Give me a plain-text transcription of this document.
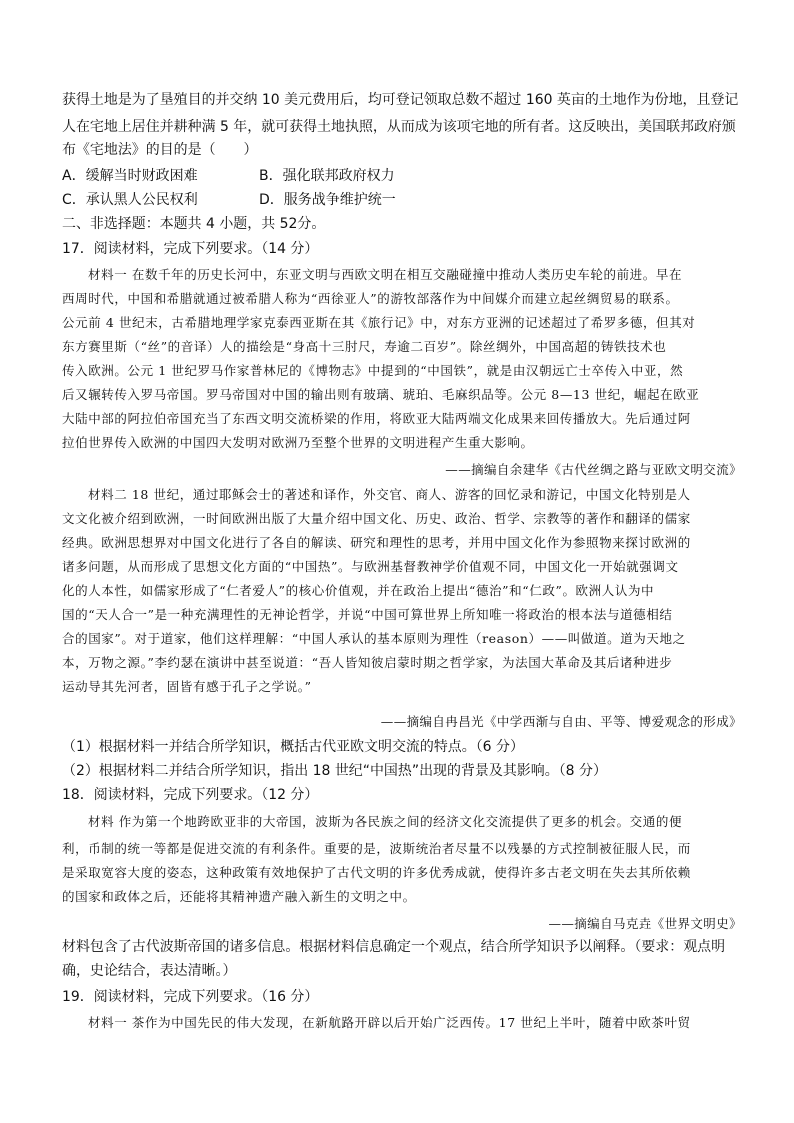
获得土地是为了垦殖目的并交纳 10 美元费用后，均可登记领取总数不超过 160 英亩的土地作为份地，且登记
人在宅地上居住并耕种满 5 年，就可获得土地执照，从而成为该项宅地的所有者。这反映出，美国联邦政府颁
布《宅地法》的目的是（　　）
A．缓解当时财政困难	B．强化联邦政府权力
C．承认黑人公民权利	D．服务战争维护统一
二、非选择题：本题共 4 小题，共 52分。
17．阅读材料，完成下列要求。（14 分）
材料一 在数千年的历史长河中，东亚文明与西欧文明在相互交融碰撞中推动人类历史车轮的前进。早在
西周时代，中国和希腊就通过被希腊人称为“西徐亚人”的游牧部落作为中间媒介而建立起丝绸贸易的联系。
公元前 4 世纪末，古希腊地理学家克泰西亚斯在其《旅行记》中，对东方亚洲的记述超过了希罗多德，但其对
东方赛里斯（“丝”的音译）人的描绘是“身高十三肘尺，寿逾二百岁”。除丝绸外，中国高超的铸铁技术也
传入欧洲。公元 1 世纪罗马作家普林尼的《博物志》中提到的“中国铁”，就是由汉朝远亡士卒传入中亚，然
后又辗转传入罗马帝国。罗马帝国对中国的输出则有玻璃、琥珀、毛麻织品等。公元 8—13 世纪，崛起在欧亚
大陆中部的阿拉伯帝国充当了东西文明交流桥梁的作用，将欧亚大陆两端文化成果来回传播放大。先后通过阿
拉伯世界传入欧洲的中国四大发明对欧洲乃至整个世界的文明进程产生重大影响。
——摘编自余建华《古代丝绸之路与亚欧文明交流》
材料二 18 世纪，通过耶稣会士的著述和译作，外交官、商人、游客的回忆录和游记，中国文化特别是人
文文化被介绍到欧洲，一时间欧洲出版了大量介绍中国文化、历史、政治、哲学、宗教等的著作和翻译的儒家
经典。欧洲思想界对中国文化进行了各自的解读、研究和理性的思考，并用中国文化作为参照物来探讨欧洲的
诸多问题，从而形成了思想文化方面的“中国热”。与欧洲基督教神学价值观不同，中国文化一开始就强调文
化的人本性，如儒家形成了“仁者爱人”的核心价值观，并在政治上提出“德治”和“仁政”。欧洲人认为中
国的“天人合一”是一种充满理性的无神论哲学，并说“中国可算世界上所知唯一将政治的根本法与道德相结
合的国家”。对于道家，他们这样理解：“中国人承认的基本原则为理性（reason）——叫做道。道为天地之
本，万物之源。”李约瑟在演讲中甚至说道：“吾人皆知彼启蒙时期之哲学家，为法国大革命及其后诸种进步
运动导其先河者，固皆有感于孔子之学说。”
——摘编自冉昌光《中学西渐与自由、平等、博爱观念的形成》
（1）根据材料一并结合所学知识，概括古代亚欧文明交流的特点。（6 分）
（2）根据材料二并结合所学知识，指出 18 世纪“中国热”出现的背景及其影响。（8 分）
18．阅读材料，完成下列要求。（12 分）
材料 作为第一个地跨欧亚非的大帝国，波斯为各民族之间的经济文化交流提供了更多的机会。交通的便
利，币制的统一等都是促进交流的有利条件。重要的是，波斯统治者尽量不以残暴的方式控制被征服人民，而
是采取宽容大度的姿态，这种政策有效地保护了古代文明的许多优秀成就，使得许多古老文明在失去其所依赖
的国家和政体之后，还能将其精神遗产融入新生的文明之中。
——摘编自马克垚《世界文明史》
材料包含了古代波斯帝国的诸多信息。根据材料信息确定一个观点，结合所学知识予以阐释。（要求：观点明
确，史论结合，表达清晰。）
19．阅读材料，完成下列要求。（16 分）
材料一 茶作为中国先民的伟大发现，在新航路开辟以后开始广泛西传。17 世纪上半叶，随着中欧茶叶贸
